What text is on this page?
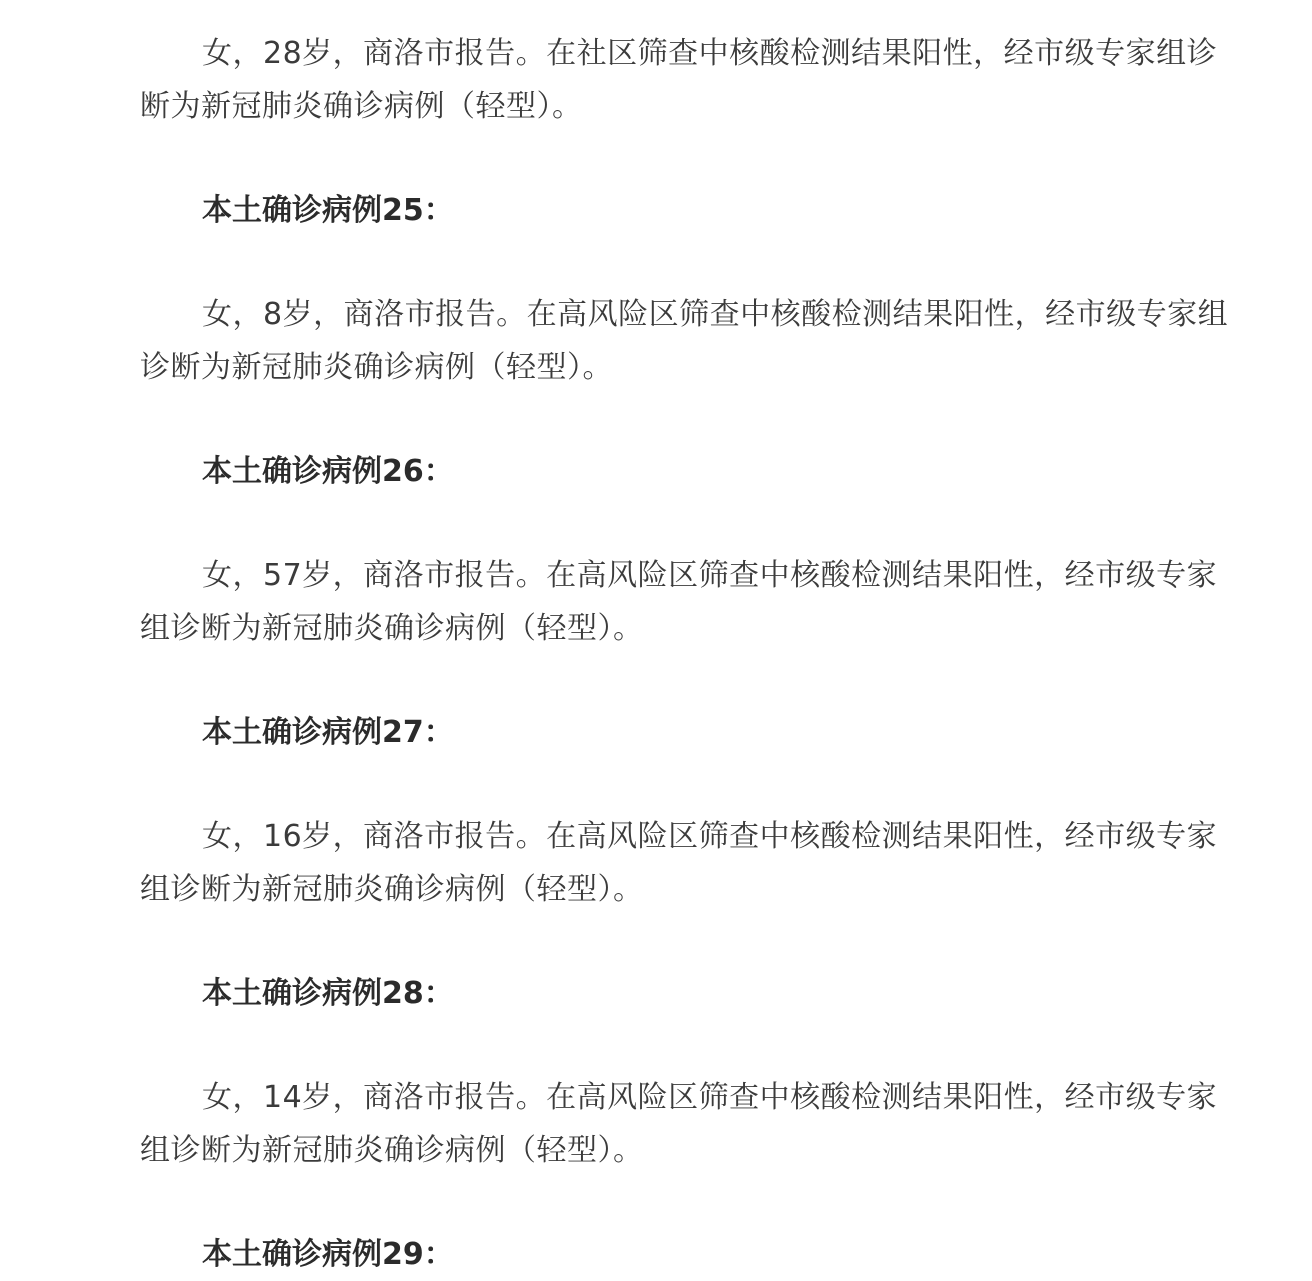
女，28岁，商洛市报告。在社区筛查中核酸检测结果阳性，经市级专家组诊断为新冠肺炎确诊病例（轻型）。

本土确诊病例25：

女，8岁，商洛市报告。在高风险区筛查中核酸检测结果阳性，经市级专家组诊断为新冠肺炎确诊病例（轻型）。

本土确诊病例26：

女，57岁，商洛市报告。在高风险区筛查中核酸检测结果阳性，经市级专家组诊断为新冠肺炎确诊病例（轻型）。

本土确诊病例27：

女，16岁，商洛市报告。在高风险区筛查中核酸检测结果阳性，经市级专家组诊断为新冠肺炎确诊病例（轻型）。

本土确诊病例28：

女，14岁，商洛市报告。在高风险区筛查中核酸检测结果阳性，经市级专家组诊断为新冠肺炎确诊病例（轻型）。

本土确诊病例29：
